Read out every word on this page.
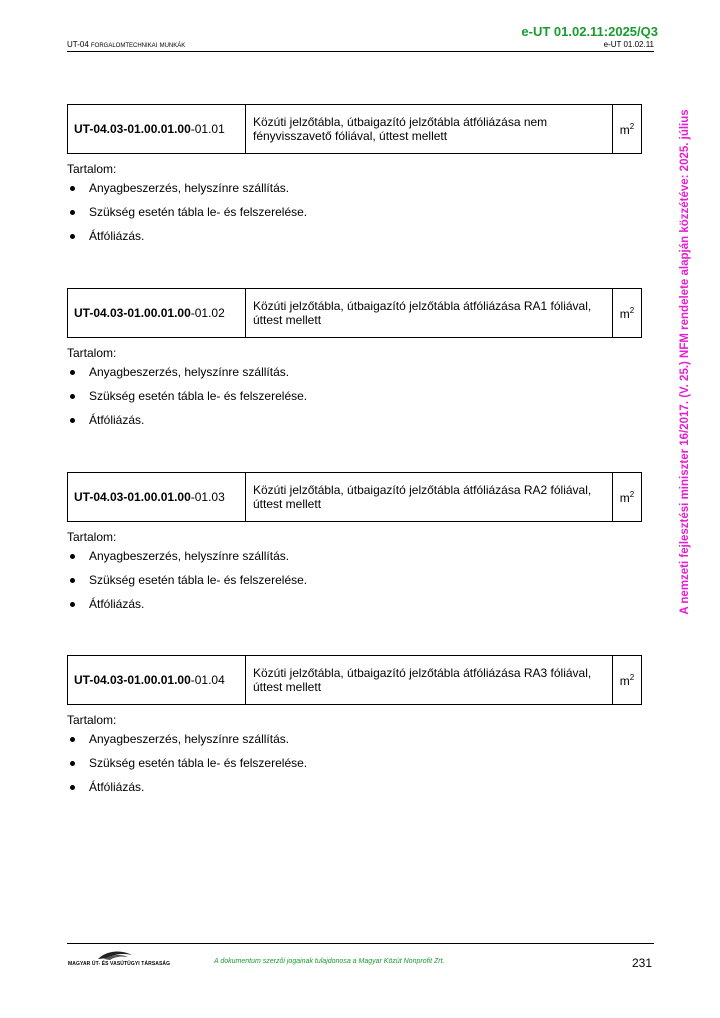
e-UT 01.02.11:2025/Q3
UT-04 forgalomtechnikai munkák	e-UT 01.02.11
A nemzeti fejlesztési miniszter 16/2017. (V. 25.) NFM rendelete alapján közzétéve: 2025. július
UT-04.03-01.00.01.00-01.01	Közúti jelzőtábla, útbaigazító jelzőtábla átfóliázása nem fényvisszavető fóliával, úttest mellett	$m^2$
Tartalom:
Anyagbeszerzés, helyszínre szállítás.
Szükség esetén tábla le- és felszerelése.
Átfóliázás.
UT-04.03-01.00.01.00-01.02	Közúti jelzőtábla, útbaigazító jelzőtábla átfóliázása RA1 fóliával, úttest mellett	$m^2$
Tartalom:
Anyagbeszerzés, helyszínre szállítás.
Szükség esetén tábla le- és felszerelése.
Átfóliázás.
UT-04.03-01.00.01.00-01.03	Közúti jelzőtábla, útbaigazító jelzőtábla átfóliázása RA2 fóliával, úttest mellett	$m^2$
Tartalom:
Anyagbeszerzés, helyszínre szállítás.
Szükség esetén tábla le- és felszerelése.
Átfóliázás.
UT-04.03-01.00.01.00-01.04	Közúti jelzőtábla, útbaigazító jelzőtábla átfóliázása RA3 fóliával, úttest mellett	$m^2$
Tartalom:
Anyagbeszerzés, helyszínre szállítás.
Szükség esetén tábla le- és felszerelése.
Átfóliázás.
MAGYAR ÚT- ÉS VASÚTÜGYI TÁRSASÁG	A dokumentum szerzői jogainak tulajdonosa a Magyar Közút Nonprofit Zrt.	231
